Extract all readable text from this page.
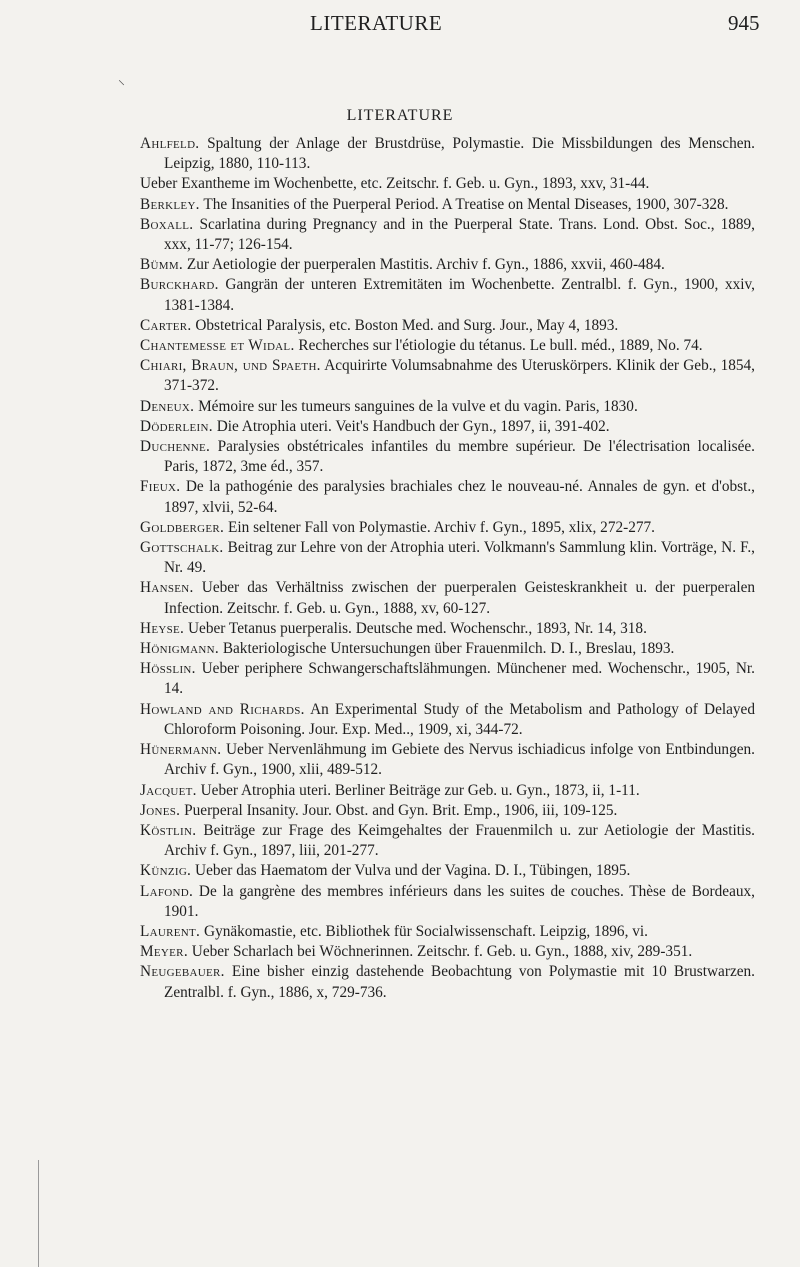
LITERATURE	945
⸌
LITERATURE
Ahlfeld. Spaltung der Anlage der Brustdrüse, Polymastie. Die Missbildungen des Menschen. Leipzig, 1880, 110-113.
Ueber Exantheme im Wochenbette, etc. Zeitschr. f. Geb. u. Gyn., 1893, xxv, 31-44.
Berkley. The Insanities of the Puerperal Period. A Treatise on Mental Diseases, 1900, 307-328.
Boxall. Scarlatina during Pregnancy and in the Puerperal State. Trans. Lond. Obst. Soc., 1889, xxx, 11-77; 126-154.
Bümm. Zur Aetiologie der puerperalen Mastitis. Archiv f. Gyn., 1886, xxvii, 460-484.
Burckhard. Gangrän der unteren Extremitäten im Wochenbette. Zentralbl. f. Gyn., 1900, xxiv, 1381-1384.
Carter. Obstetrical Paralysis, etc. Boston Med. and Surg. Jour., May 4, 1893.
Chantemesse et Widal. Recherches sur l'étiologie du tétanus. Le bull. méd., 1889, No. 74.
Chiari, Braun, und Spaeth. Acquirirte Volumsabnahme des Uteruskörpers. Klinik der Geb., 1854, 371-372.
Deneux. Mémoire sur les tumeurs sanguines de la vulve et du vagin. Paris, 1830.
Döderlein. Die Atrophia uteri. Veit's Handbuch der Gyn., 1897, ii, 391-402.
Duchenne. Paralysies obstétricales infantiles du membre supérieur. De l'électrisation localisée. Paris, 1872, 3me éd., 357.
Fieux. De la pathogénie des paralysies brachiales chez le nouveau-né. Annales de gyn. et d'obst., 1897, xlvii, 52-64.
Goldberger. Ein seltener Fall von Polymastie. Archiv f. Gyn., 1895, xlix, 272-277.
Gottschalk. Beitrag zur Lehre von der Atrophia uteri. Volkmann's Sammlung klin. Vorträge, N. F., Nr. 49.
Hansen. Ueber das Verhältniss zwischen der puerperalen Geisteskrankheit u. der puerperalen Infection. Zeitschr. f. Geb. u. Gyn., 1888, xv, 60-127.
Heyse. Ueber Tetanus puerperalis. Deutsche med. Wochenschr., 1893, Nr. 14, 318.
Hönigmann. Bakteriologische Untersuchungen über Frauenmilch. D. I., Breslau, 1893.
Hösslin. Ueber periphere Schwangerschaftslähmungen. Münchener med. Wochenschr., 1905, Nr. 14.
Howland and Richards. An Experimental Study of the Metabolism and Pathology of Delayed Chloroform Poisoning. Jour. Exp. Med.., 1909, xi, 344-72.
Hünermann. Ueber Nervenlähmung im Gebiete des Nervus ischiadicus infolge von Entbindungen. Archiv f. Gyn., 1900, xlii, 489-512.
Jacquet. Ueber Atrophia uteri. Berliner Beiträge zur Geb. u. Gyn., 1873, ii, 1-11.
Jones. Puerperal Insanity. Jour. Obst. and Gyn. Brit. Emp., 1906, iii, 109-125.
Köstlin. Beiträge zur Frage des Keimgehaltes der Frauenmilch u. zur Aetiologie der Mastitis. Archiv f. Gyn., 1897, liii, 201-277.
Künzig. Ueber das Haematom der Vulva und der Vagina. D. I., Tübingen, 1895.
Lafond. De la gangrène des membres inférieurs dans les suites de couches. Thèse de Bordeaux, 1901.
Laurent. Gynäkomastie, etc. Bibliothek für Socialwissenschaft. Leipzig, 1896, vi.
Meyer. Ueber Scharlach bei Wöchnerinnen. Zeitschr. f. Geb. u. Gyn., 1888, xiv, 289-351.
Neugebauer. Eine bisher einzig dastehende Beobachtung von Polymastie mit 10 Brustwarzen. Zentralbl. f. Gyn., 1886, x, 729-736.
